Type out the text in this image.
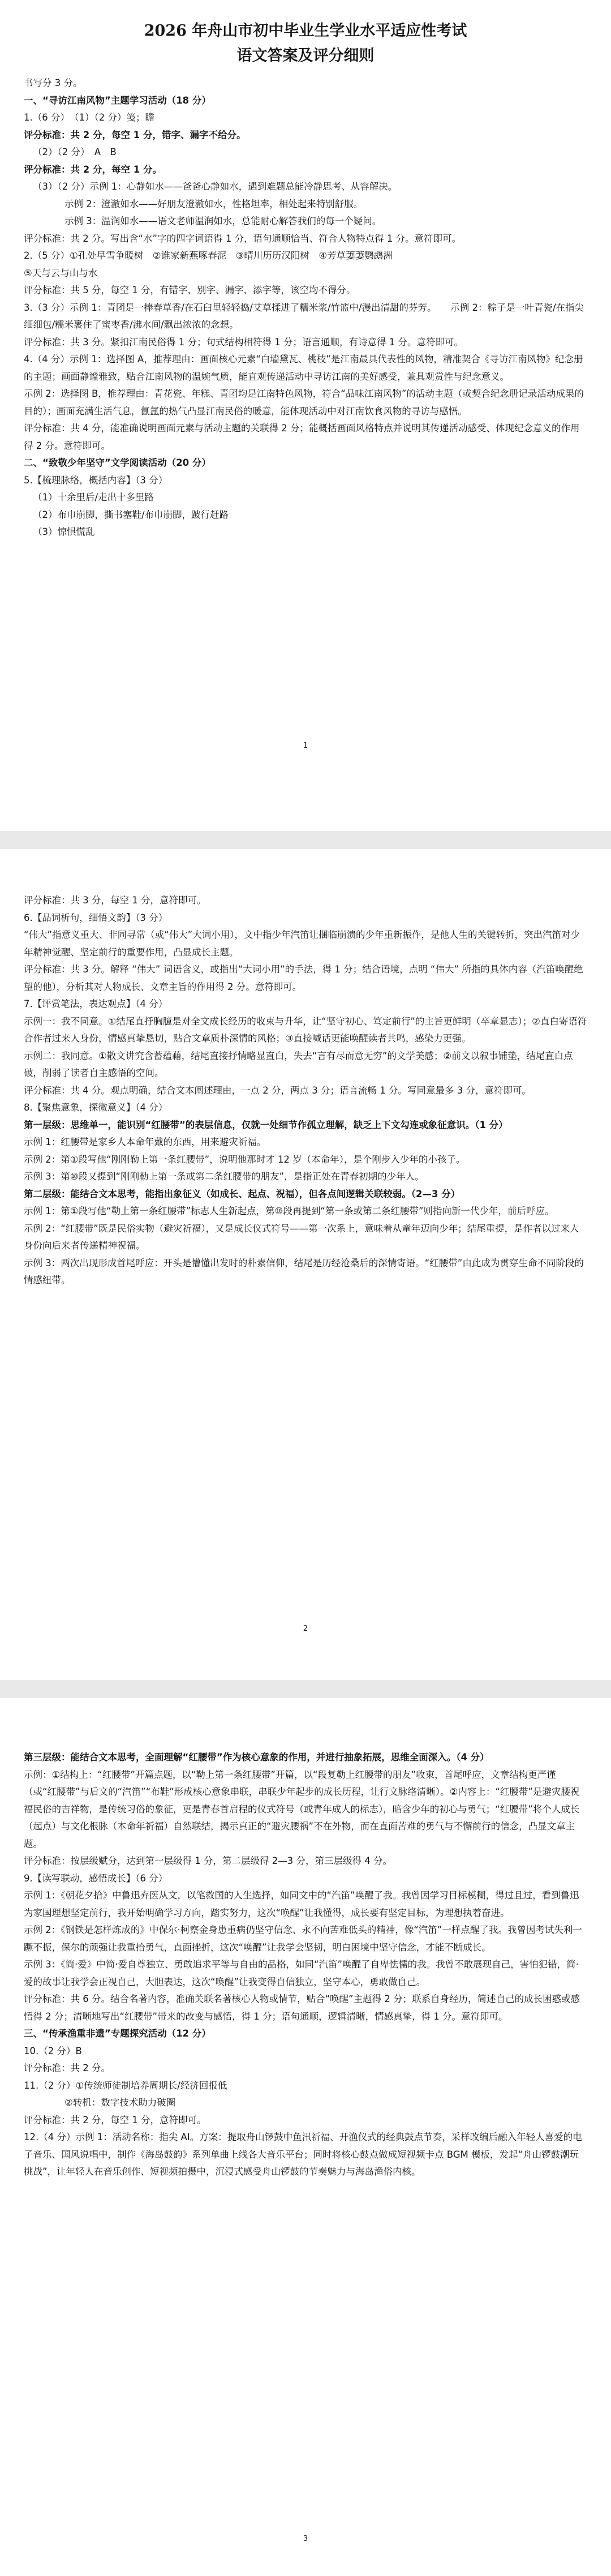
2026 年舟山市初中毕业生学业水平适应性考试
语文答案及评分细则

书写分 3 分。

一、“寻访江南风物”主题学习活动（18 分）

1.（6 分）　（1）（2 分）笺；瞻

评分标准：共 2 分，每空 1 分，错字、漏字不给分。

（2）（2 分）　A　B

评分标准：共 2 分，每空 1 分。

（3）（2 分）示例 1：心静如水——爸爸心静如水，遇到难题总能冷静思考、从容解决。

示例 2：澄澈如水——好朋友澄澈如水，性格坦率，相处起来特别舒服。

示例 3：温润如水——语文老师温润如水，总能耐心解答我们的每一个疑问。

评分标准：共 2 分。写出含“水”字的四字词语得 1 分，语句通顺恰当、符合人物特点得 1 分。意符即可。

2.（5 分）①孔处早雪争暖树　②谁家新燕啄春泥　③晴川历历汉阳树　④芳草萋萋鹦鹉洲

⑤天与云与山与水

评分标准：共 5 分，每空 1 分，有错字、别字、漏字、添字等，该空均不得分。

3.（3 分）示例 1：青团是一捧春草香/在石臼里轻轻捣/艾草揉进了糯米浆/竹篮中/漫出清甜的芬芳。　　示例 2：粽子是一叶青瓷/在指尖细细包/糯米裹住了蜜枣香/沸水间/飘出浓浓的念想。

评分标准：共 3 分。紧扣江南民俗得 1 分；句式结构相符得 1 分；语言通顺，有诗意得 1 分。意符即可。

4.（4 分）示例 1：选择图 A，推荐理由：画面核心元素“白墙黛瓦、桃枝”是江南最具代表性的风物，精准契合《寻访江南风物》纪念册的主题；画面静谧雅致，贴合江南风物的温婉气质，能直观传递活动中寻访江南的美好感受，兼具观赏性与纪念意义。

示例 2：选择图 B，推荐理由：青花瓷、年糕、青团均是江南特色风物，符合“品味江南风物”的活动主题（或契合纪念册记录活动成果的目的）；画面充满生活气息，氤氲的热气凸显江南民俗的暖意，能体现活动中对江南饮食风物的寻访与感悟。

评分标准：共 4 分，能准确说明画面元素与活动主题的关联得 2 分；能概括画面风格特点并说明其传递活动感受、体现纪念意义的作用得 2 分。意符即可。

二、“致敬少年坚守”文学阅读活动（20 分）

5.【梳理脉络，概括内容】（3 分）

（1）十余里后/走出十多里路

（2）布巾崩脚，撕书塞鞋/布巾崩脚，跛行赶路

（3）惊惧慌乱

1

评分标准：共 3 分，每空 1 分，意符即可。

6.【品词析句，细悟文韵】（3 分）

“伟大”指意义重大、非同寻常（或“伟大”大词小用），文中指少年汽笛让捆临崩溃的少年重新振作，是他人生的关键转折，突出汽笛对少年精神觉醒、坚定前行的重要作用，凸显成长主题。

评分标准：共 3 分。解释 “伟大” 词语含义，或指出“大词小用”的手法，得 1 分；结合语境，点明 “伟大” 所指的具体内容（汽笛唤醒绝望的他），分析其对人物成长、文章主旨的作用得 2 分。意符即可。

7.【评赏笔法，表达观点】（4 分）

示例一：我不同意。①结尾直抒胸臆是对全文成长经历的收束与升华，让“坚守初心、笃定前行”的主旨更鲜明（卒章显志）；②直白寄语符合作者过来人身份，情感真挚恳切，贴合文章质朴深情的风格；③直接喊话更能唤醒读者共鸣，感染力更强。

示例二：我同意。①散文讲究含蓄蕴藉，结尾直接抒情略显直白，失去“言有尽而意无穷”的文学美感；②前文以叙事铺垫，结尾直白点破，削弱了读者自主感悟的空间。

评分标准：共 4 分。观点明确，结合文本阐述理由，一点 2 分，两点 3 分；语言流畅 1 分。写同意最多 3 分，意符即可。

8.【聚焦意象，探微意义】（4 分）

第一层级：思维单一，能识别“红腰带”的表层信息，仅就一处细节作孤立理解，缺乏上下文勾连或象征意识。（1 分）

示例 1：红腰带是家乡人本命年戴的东西，用来避灾祈福。

示例 2：第①段写他“刚刚勒上第一条红腰带”，说明他那时才 12 岁（本命年），是个刚步入少年的小孩子。

示例 3：第⑩段又提到“刚刚勒上第一条或第二条红腰带的朋友”，是指正处在青春初期的少年人。

第二层级：能结合文本思考，能指出象征义（如成长、起点、祝福），但各点间逻辑关联较弱。（2—3 分）

示例 1：第①段写他“勒上第一条红腰带”标志人生新起点，第⑩段再提到“第一条或第二条红腰带”则指向新一代少年，前后呼应。

示例 2：“红腰带”既是民俗实物（避灾祈福），又是成长仪式符号——第一次系上，意味着从童年迈向少年；结尾重提，是作者以过来人身份向后来者传递精神祝福。

示例 3：两次出现形成首尾呼应：开头是懵懂出发时的朴素信仰，结尾是历经沧桑后的深情寄语。“红腰带”由此成为贯穿生命不同阶段的情感纽带。

2

第三层级：能结合文本思考，全面理解“红腰带”作为核心意象的作用，并进行抽象拓展，思维全面深入。（4 分）

示例：①结构上：“红腰带”开篇点题，以“勒上第一条红腰带”开篇，以“段复勒上红腰带的朋友”收束，首尾呼应，文章结构更严谨（或“红腰带”与后文的“汽笛”“布鞋”形成核心意象串联，串联少年起步的成长历程，让行文脉络清晰）。②内容上：“红腰带”是避灾腰祝福民俗的吉祥物，是传统习俗的象征，更是青春首启程的仪式符号（或青年成人的标志），暗含少年的初心与勇气；“红腰带”将个人成长（起点）与文化根脉（本命年祈福）自然联结，揭示真正的“避灾腰祸”不在外物，而在直面苦难的勇气与不懈前行的信念，凸显文章主题。

评分标准：按层级赋分，达到第一层级得 1 分，第二层级得 2—3 分，第三层级得 4 分。

9.【读写联动，感悟成长】（6 分）

示例 1：《朝花夕拾》中鲁迅弃医从文，以笔救国的人生选择，如同文中的“汽笛”唤醒了我。我曾因学习目标模糊，得过且过，看到鲁迅为家国理想坚定前行，我开始明确学习方向，踏实努力，这次“唤醒”让我懂得，成长要有坚定目标，为理想执着奋进。

示例 2：《钢铁是怎样炼成的》中保尔·柯察金身患重病仍坚守信念、永不向苦难低头的精神，像“汽笛”一样点醒了我。我曾因考试失利一蹶不振，保尔的顽强让我重拾勇气，直面挫折，这次“唤醒”让我学会坚韧，明白困境中坚守信念，才能不断成长。

示例 3：《简·爱》中简·爱自尊独立、勇敢追求平等与自由的品格，如同“汽笛”唤醒了自卑怯懦的我。我曾不敢展现自己，害怕犯错，简·爱的故事让我学会正视自己，大胆表达，这次“唤醒”让我变得自信独立，坚守本心，勇敢做自己。

评分标准：共 6 分。结合名著内容，准确关联名著核心人物或情节，贴合“唤醒”主题得 2 分；联系自身经历，简述自己的成长困惑或感悟得 2 分；清晰地写出“红腰带”带来的改变与感悟，得 1 分；语句通顺，逻辑清晰，情感真挚，得 1 分。意符即可。

三、“传承渔重非遗”专题探究活动（12 分）

10.（2 分）B

评分标准：共 2 分。

11.（2 分）①传统师徒制培养周期长/经济回报低

②转机：数字技术助力破圈

评分标准：共 2 分，每空 1 分，意符即可。

12.（4 分）示例 1：活动名称：指尖 AI。方案：提取舟山锣鼓中鱼汛祈福、开渔仪式的经典鼓点节奏，采样改编后融入年轻人喜爱的电子音乐、国风说唱中，制作《海岛鼓韵》系列单曲上线各大音乐平台；同时将核心鼓点做成短视频卡点 BGM 模板，发起“舟山锣鼓潮玩挑战”，让年轻人在音乐创作、短视频拍摄中，沉浸式感受舟山锣鼓的节奏魅力与海岛渔俗内核。

3
